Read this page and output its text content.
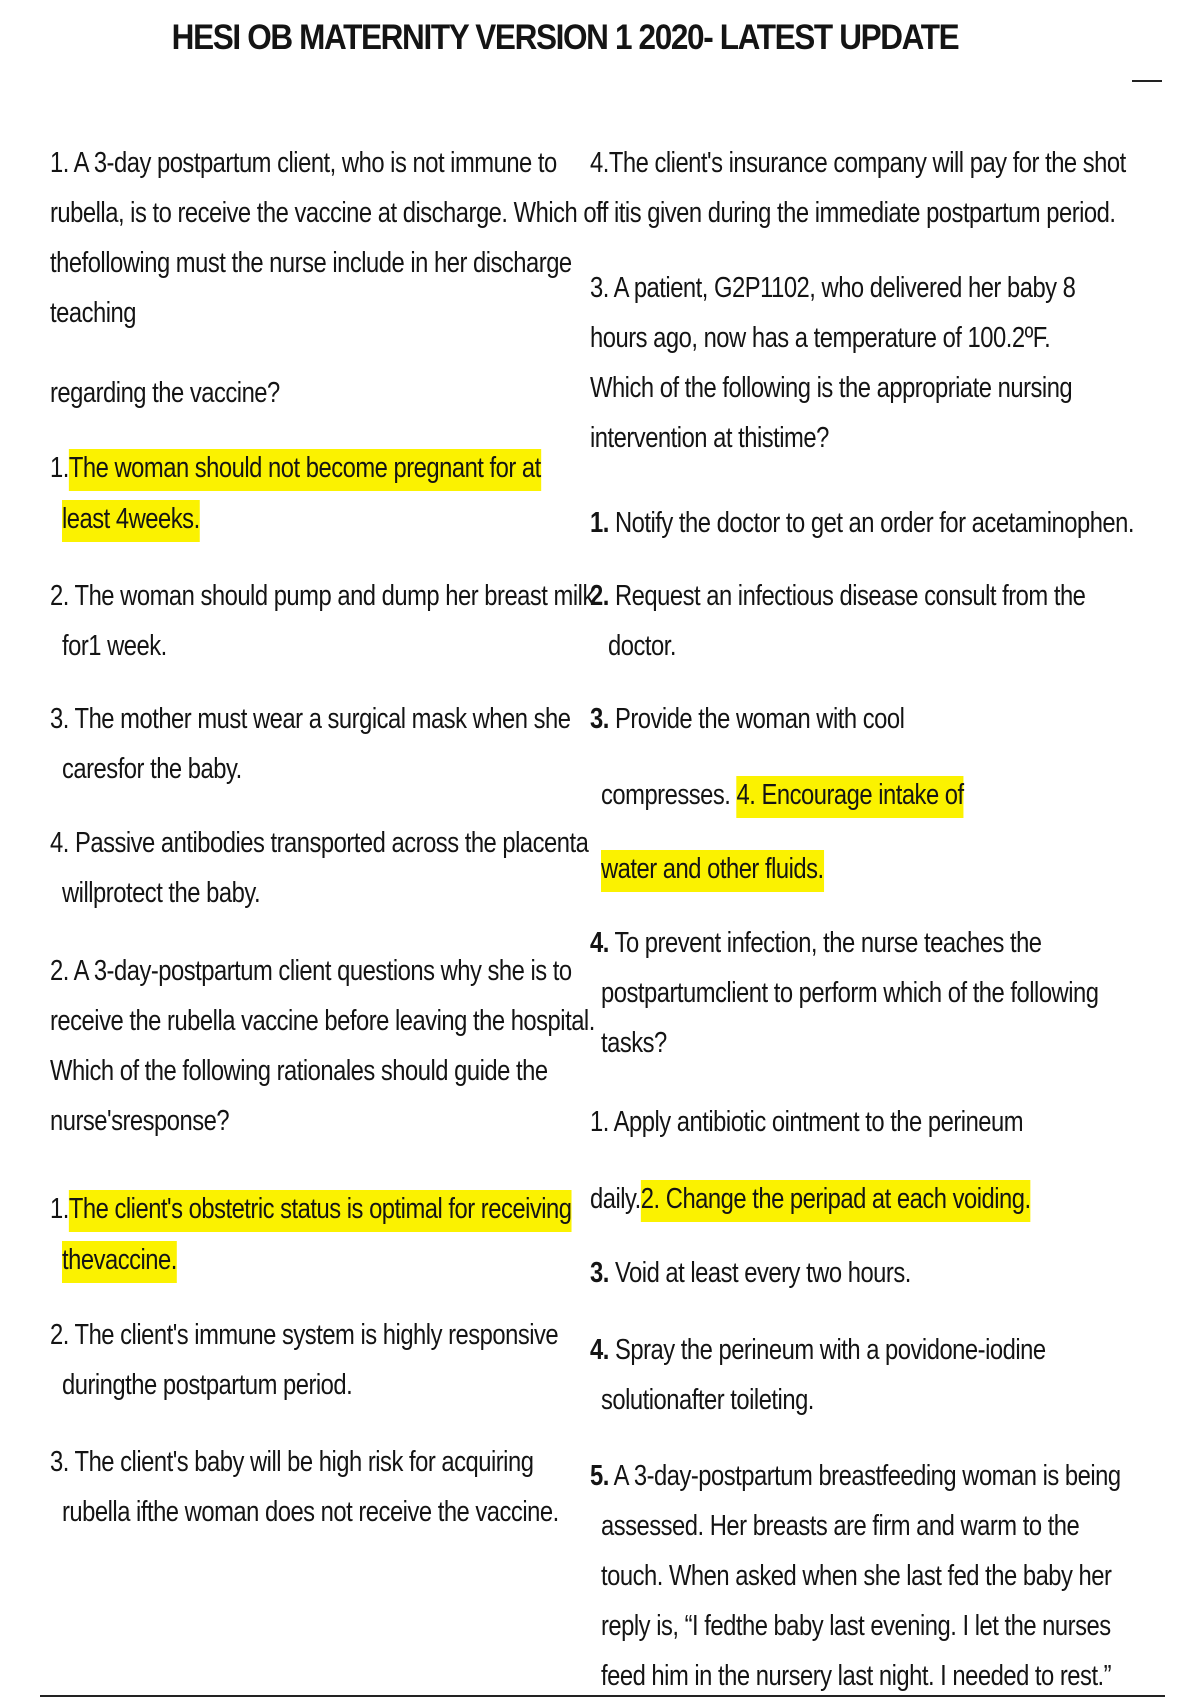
HESI OB MATERNITY VERSION 1 2020- LATEST UPDATE
1. A 3-day postpartum client, who is not immune to
rubella, is to receive the vaccine at discharge. Which of
thefollowing must the nurse include in her discharge
teaching
regarding the vaccine?
1.The woman should not become pregnant for at
least 4weeks.
2. The woman should pump and dump her breast milk
for1 week.
3. The mother must wear a surgical mask when she
caresfor the baby.
4. Passive antibodies transported across the placenta
willprotect the baby.
2. A 3-day-postpartum client questions why she is to
receive the rubella vaccine before leaving the hospital.
Which of the following rationales should guide the
nurse'sresponse?
1.The client's obstetric status is optimal for receiving
thevaccine.
2. The client's immune system is highly responsive
duringthe postpartum period.
3. The client's baby will be high risk for acquiring
rubella ifthe woman does not receive the vaccine.
4.The client's insurance company will pay for the shot
if itis given during the immediate postpartum period.
3. A patient, G2P1102, who delivered her baby 8
hours ago, now has a temperature of 100.2ºF.
Which of the following is the appropriate nursing
intervention at thistime?
1. Notify the doctor to get an order for acetaminophen.
2. Request an infectious disease consult from the
doctor.
3. Provide the woman with cool
compresses. 4. Encourage intake of
water and other fluids.
4. To prevent infection, the nurse teaches the
postpartumclient to perform which of the following
tasks?
1. Apply antibiotic ointment to the perineum
daily.2. Change the peripad at each voiding.
3. Void at least every two hours.
4. Spray the perineum with a povidone-iodine
solutionafter toileting.
5. A 3-day-postpartum breastfeeding woman is being
assessed. Her breasts are firm and warm to the
touch. When asked when she last fed the baby her
reply is, “I fedthe baby last evening. I let the nurses
feed him in the nursery last night. I needed to rest.”
